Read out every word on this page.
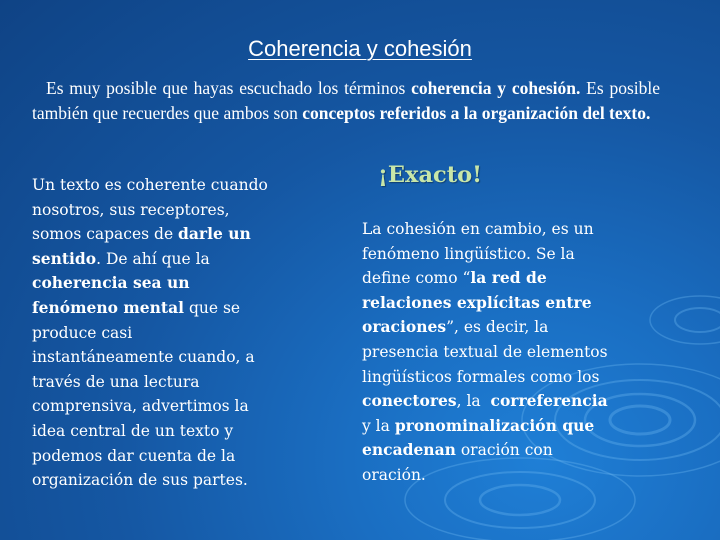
Coherencia y cohesión
Es muy posible que hayas escuchado los términos coherencia y cohesión. Es posible también que recuerdes que ambos son conceptos referidos a la organización del texto.
Un texto es coherente cuando
nosotros, sus receptores,
somos capaces de darle un
sentido. De ahí que la
coherencia sea un
fenómeno mental que se
produce casi
instantáneamente cuando, a
través de una lectura
comprensiva, advertimos la
idea central de un texto y
podemos dar cuenta de la
organización de sus partes.
¡Exacto!
La cohesión en cambio, es un
fenómeno lingüístico. Se la
define como “la red de
relaciones explícitas entre
oraciones”, es decir, la
presencia textual de elementos
lingüísticos formales como los
conectores, la  correferencia
y la pronominalización que
encadenan oración con
oración.
